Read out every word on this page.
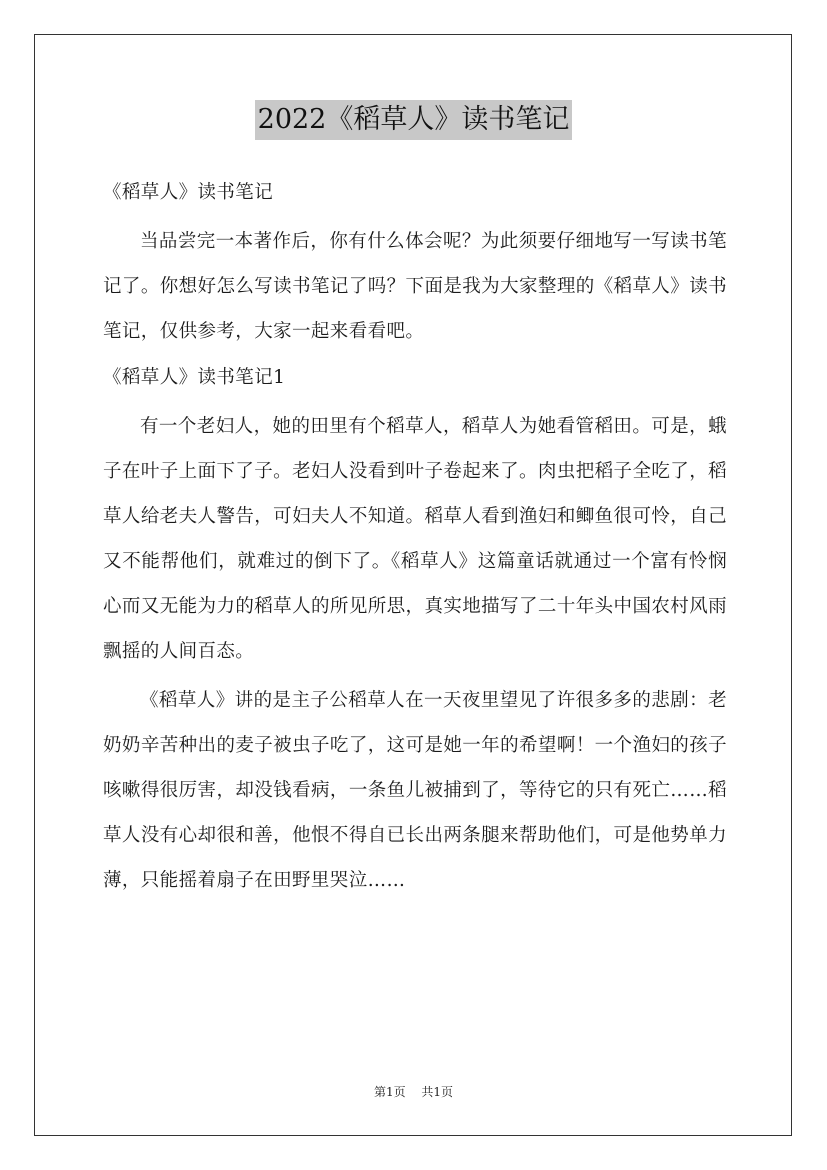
2022《稻草人》读书笔记

《稻草人》读书笔记

当品尝完一本著作后，你有什么体会呢？为此须要仔细地写一写读书笔记了。你想好怎么写读书笔记了吗？下面是我为大家整理的《稻草人》读书笔记，仅供参考，大家一起来看看吧。

《稻草人》读书笔记1

有一个老妇人，她的田里有个稻草人，稻草人为她看管稻田。可是，蛾子在叶子上面下了子。老妇人没看到叶子卷起来了。肉虫把稻子全吃了，稻草人给老夫人警告，可妇夫人不知道。稻草人看到渔妇和鲫鱼很可怜，自己又不能帮他们，就难过的倒下了。《稻草人》这篇童话就通过一个富有怜悯心而又无能为力的稻草人的所见所思，真实地描写了二十年头中国农村风雨飘摇的人间百态。

《稻草人》讲的是主子公稻草人在一天夜里望见了许很多多的悲剧：老奶奶辛苦种出的麦子被虫子吃了，这可是她一年的希望啊！一个渔妇的孩子咳嗽得很厉害，却没钱看病，一条鱼儿被捕到了，等待它的只有死亡……稻草人没有心却很和善，他恨不得自已长出两条腿来帮助他们，可是他势单力薄，只能摇着扇子在田野里哭泣……

第1页 共1页
